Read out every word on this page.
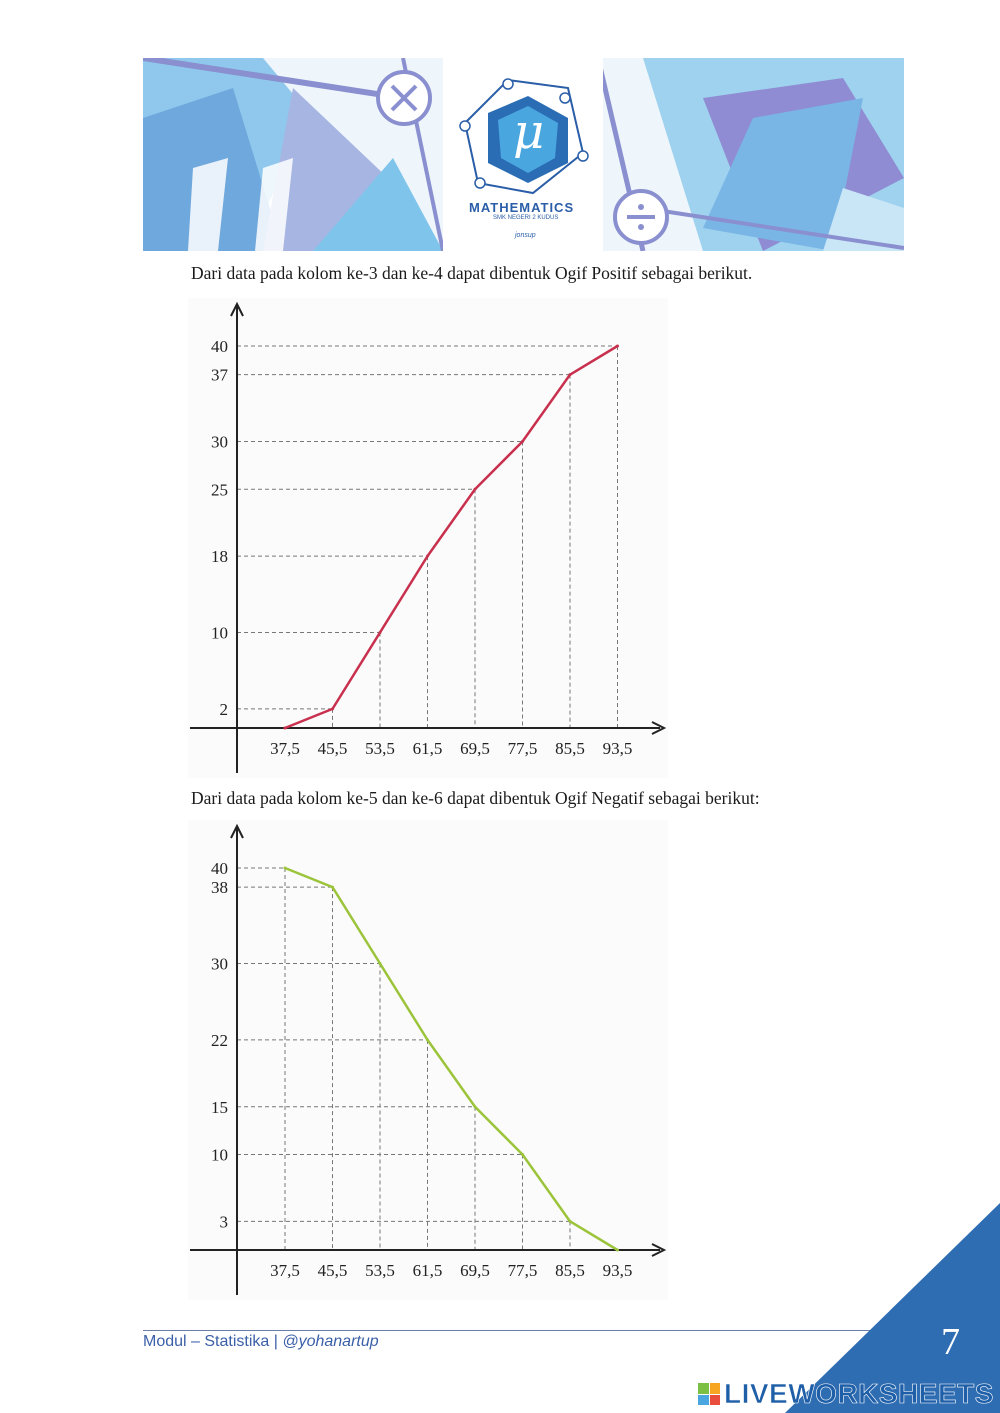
μ
MATHEMATICS
SMK NEGERI 2 KUDUS
jonsup
Dari data pada kolom ke-3 dan ke-4 dapat dibentuk Ogif Positif sebagai berikut.
2
10
18
25
30
37
40
37,5 45,5 53,5 61,5 69,5 77,5 85,5 93,5
Dari data pada kolom ke-5 dan ke-6 dapat dibentuk Ogif Negatif sebagai berikut:
3
10
15
22
30
38
40
37,5 45,5 53,5 61,5 69,5 77,5 85,5 93,5
Modul – Statistika | @yohanartup	7
LIVEWORKSHEETS
